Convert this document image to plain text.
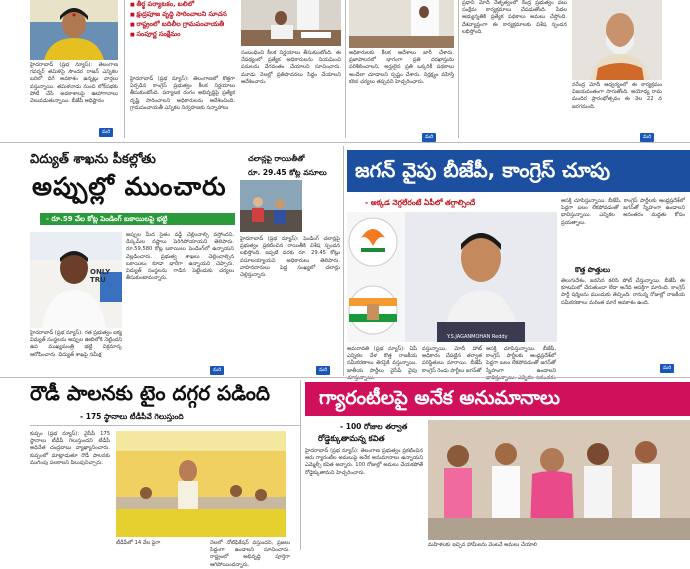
హైదరాబాద్ (ప్రభ న్యూస్): తెలంగాణ గవర్నర్ తమిళిసై సౌందర రాజన్ ఎన్నికల బరిలో దిగే అవకాశం ఉన్నట్లు వార్తలు వస్తున్నాయి. తమిళనాడు నుంచి లోక్‌సభకు పోటీ చేసే అవకాశాలపై ఊహాగానాలు వెలువడుతున్నాయి. బీజేపీ అధిష్టానం
మరి
■ తీర్థ పర్యాటకం, బలిలో
■ క్షుద్రపూజ వృద్ధి సారించాలని సూచన
■ రాష్ట్రంలో బదిలీల గ్రామపంచాయతీ
■ సంపూర్ణ సంక్షేమం
హైదరాబాద్ (ప్రభ న్యూస్): తెలంగాణలో కొత్తగా ఏర్పడిన కాంగ్రెస్ ప్రభుత్వం కీలక నిర్ణయాలు తీసుకుంటోంది. పర్యాటక రంగం అభివృద్ధిపై ప్రత్యేక దృష్టి సారించాలని అధికారులను ఆదేశించింది. గ్రామపంచాయతీ ఎన్నికల నిర్వహణకు సన్నాహాలు
సంబంధించి కీలక నిర్ణయాలు తీసుకుంటోంది. ఈ నేపథ్యంలో ప్రత్యేక అధికారులను నియమించి పనులను వేగవంతం చేయాలని సూచించారు. మూడు నెలల్లో ప్రతిపాదనలు సిద్ధం చేయాలని ఆదేశించారు.
అధికారులకు కీలక ఆదేశాలు జారీ చేశారు. ప్రజాపాలనలో భాగంగా ప్రతి దరఖాస్తును పరిశీలించాలని, అర్హులైన ప్రతి ఒక్కరికీ పథకాలు అందేలా చూడాలని స్పష్టం చేశారు. నిర్లక్ష్యం వహిస్తే కఠిన చర్యలు తప్పవని హెచ్చరించారు.
మరి
ప్రధాని మోదీ నేతృత్వంలో కేంద్ర ప్రభుత్వం పలు సంక్షేమ కార్యక్రమాలు చేపడుతోంది. పేదల అభ్యున్నతికి ప్రత్యేక పథకాలు అమలు చేస్తోంది. దేశవ్యాప్తంగా ఈ కార్యక్రమాలకు విశేష స్పందన లభిస్తోంది.
నరేంద్ర మోదీ ఆధ్వర్యంలో ఈ కార్యక్రమం విజయవంతంగా సాగుతోంది. అయోధ్య రామ మందిర ప్రారంభోత్సవం ఈ నెల 22 న జరగనుంది.
మరి
విద్యుత్ శాఖను పీకల్లోతు
అప్పుల్లో ముంచారు
- రూ.59 వేల కోట్ల పెండింగ్ బకాయిలపై భట్టి
ONLY TRU
హైదరాబాద్ (ప్రభ న్యూస్): గత ప్రభుత్వం ఐక్య విద్యుత్ సంస్థలను అప్పుల ఊబిలోకి నెట్టిందని ఉప ముఖ్యమంత్రి భట్టి విక్రమార్క ఆరోపించారు. విద్యుత్ శాఖపై సమీక్ష
అప్పుల మీద సైతం వడ్డీ చెల్లించాల్సి వస్తోందని, డిస్కమ్‌ల నష్టాలు పెరిగిపోయాయని తెలిపారు. రూ.59,580 కోట్ల బకాయిలు పెండింగ్‌లో ఉన్నాయని వెల్లడించారు. ప్రభుత్వ శాఖలు చెల్లించాల్సిన బకాయిలు కూడా భారీగా ఉన్నాయని చెప్పారు. విద్యుత్ సంస్థలను గాడిన పెట్టేందుకు చర్యలు తీసుకుంటామన్నారు.
మరి
చలాన్లపై రాయితీతో
రూ. 29.45 కోట్ల వసూలు
హైదరాబాద్ (ప్రభ న్యూస్): పెండింగ్ చలాన్లపై ప్రభుత్వం ప్రకటించిన రాయితీకి విశేష స్పందన లభిస్తోంది. ఇప్పటి వరకు రూ. 29.45 కోట్లు వసూలయ్యాయని అధికారులు తెలిపారు. వాహనదారులు పెద్ద సంఖ్యలో చలాన్లు చెల్లిస్తున్నారు.
మరి
జగన్ వైపు బీజేపీ, కాంగ్రెస్ చూపు
- అక్కడ నెగ్గలేరంటే ఏపీలో తగ్గాల్సిందే
Y.S.JAGANMOHAN Reddy
అమరావతి (ప్రభ న్యూస్): ఏపీ ఎన్నికల వేళ కొత్త రాజకీయ సమీకరణాలు తెరపైకి వస్తున్నాయి. జాతీయ పార్టీలు వైసీపీ వైపు
వస్తున్నాయి. మోదీ హాట్ అధికారం చేపట్టిన తర్వాత పరిస్థితులు మారాయి. బీజేపీ కాంగ్రెస్ రెండు పార్టీలు జగన్‌తో
ఆసక్తి చూపిస్తున్నాయి. బీజేపీ, కాంగ్రెస్ పార్టీలకు ఆంధ్రప్రదేశ్‌లో పెద్దగా బలం లేకపోవడంతో జగన్‌తో స్నేహంగా ఉండాలని
ఆసక్తి చూపిస్తున్నాయి. బీజేపీ, కాంగ్రెస్ పార్టీలకు ఆంధ్రప్రదేశ్‌లో పెద్దగా బలం లేకపోవడంతో జగన్‌తో స్నేహంగా ఉండాలని భావిస్తున్నాయి. ఎన్నికల అనంతరం మద్దతు కోసం ప్రయత్నాలు.
కొత్త పొత్తులు
తెలుగుదేశం, జనసేన కలిసి పోటీ చేస్తున్నాయి. బీజేపీ ఈ కూటమిలో చేరుతుందా లేదా అనేది ఆసక్తిగా మారింది. కాంగ్రెస్ పార్టీ షర్మిలను ముందుకు తెచ్చింది. రానున్న రోజుల్లో రాజకీయ సమీకరణాలు మరింత మారే అవకాశం ఉంది.
మరి
రౌడీ పాలనకు టైం దగ్గర పడింది
- 175 స్థానాలు టీడీపీవే గెలుస్తుంది
కుప్పం (ప్రభ న్యూస్): వైసీపీ 175 స్థానాలు టీడీపీ గెలుస్తుందని టీడీపీ అధినేత చంద్రబాబు వ్యాఖ్యానించారు. కుప్పంలో మాట్లాడుతూ రౌడీ పాలనకు ముగింపు పలకాలని పిలుపునిచ్చారు.
టీడీపీలో 14 వేల పైగా	నెలలో నోటిఫికేషన్ వస్తుందని, ప్రజలు సిద్ధంగా ఉండాలని సూచించారు. రాష్ట్రంలో అభివృద్ధి పూర్తిగా ఆగిపోయిందన్నారు.
గ్యారంటీలపై అనేక అనుమానాలు
- 100 రోజుల తర్వాత
రోడ్డెక్కుతామన్న కవిత
హైదరాబాద్ (ప్రభ న్యూస్): తెలంగాణ ప్రభుత్వం ప్రకటించిన ఆరు గ్యారంటీల అమలుపై అనేక అనుమానాలు ఉన్నాయని ఎమ్మెల్సీ కవిత అన్నారు. 100 రోజుల్లో అమలు చేయకపోతే రోడ్డెక్కుతామని హెచ్చరించారు.
మహిళలకు ఇచ్చిన హామీలను వెంటనే అమలు చేయాలి
